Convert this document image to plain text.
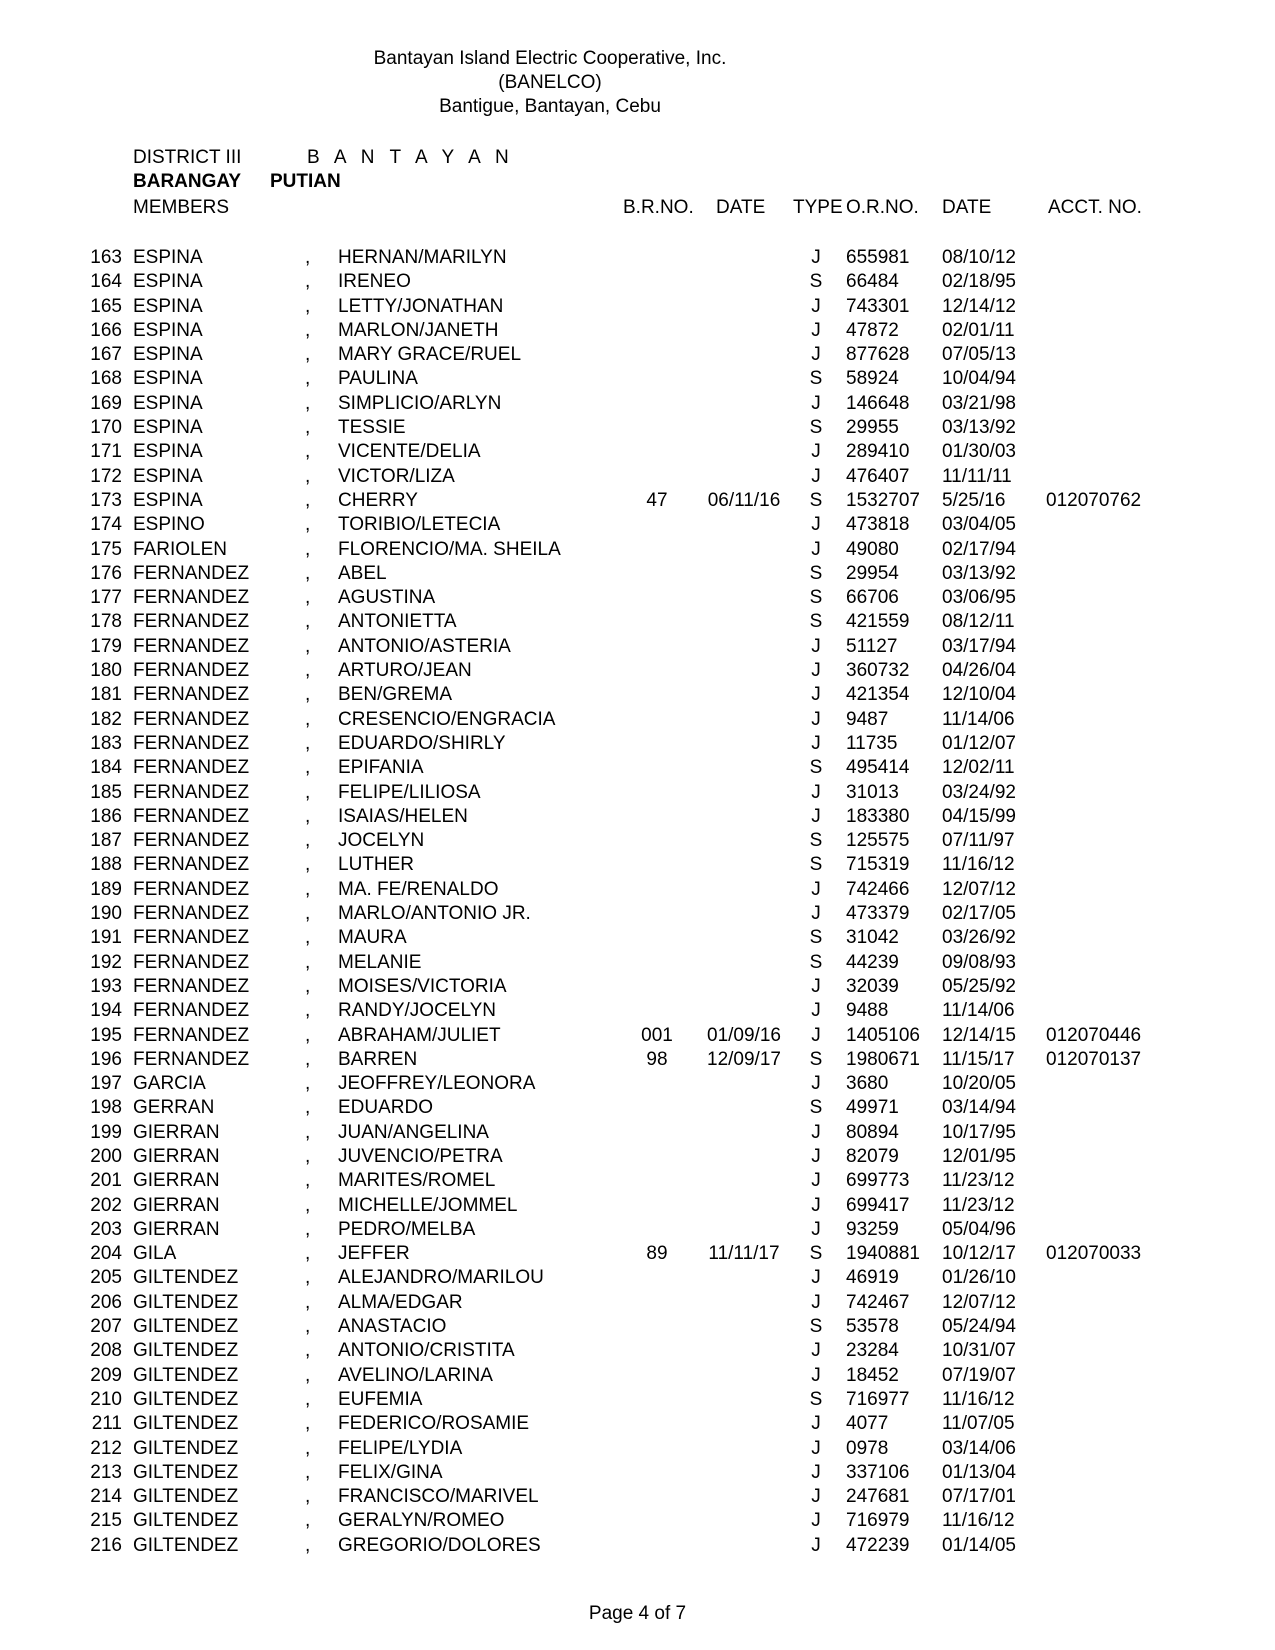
Bantayan Island Electric Cooperative, Inc.
(BANELCO)
Bantigue, Bantayan, Cebu
DISTRICT III	B A N T A Y A N
BARANGAY PUTIAN
MEMBERS	B.R.NO. DATE TYPE O.R.NO. DATE	ACCT. NO.
163 ESPINA	, HERNAN/MARILYN	J	655981 08/10/12
164 ESPINA	, IRENEO	S	66484 02/18/95
165 ESPINA	, LETTY/JONATHAN	J	743301 12/14/12
166 ESPINA	, MARLON/JANETH	J	47872 02/01/11
167 ESPINA	, MARY GRACE/RUEL	J	877628 07/05/13
168 ESPINA	, PAULINA	S	58924 10/04/94
169 ESPINA	, SIMPLICIO/ARLYN	J	146648 03/21/98
170 ESPINA	, TESSIE	S	29955 03/13/92
171 ESPINA	, VICENTE/DELIA	J	289410 01/30/03
172 ESPINA	, VICTOR/LIZA	J	476407 11/11/11
173 ESPINA	, CHERRY	47	06/11/16	S	1532707 5/25/16 012070762
174 ESPINO	, TORIBIO/LETECIA	J	473818 03/04/05
175 FARIOLEN	, FLORENCIO/MA. SHEILA	J	49080 02/17/94
176 FERNANDEZ	, ABEL	S	29954 03/13/92
177 FERNANDEZ	, AGUSTINA	S	66706 03/06/95
178 FERNANDEZ	, ANTONIETTA	S	421559 08/12/11
179 FERNANDEZ	, ANTONIO/ASTERIA	J	51127 03/17/94
180 FERNANDEZ	, ARTURO/JEAN	J	360732 04/26/04
181 FERNANDEZ	, BEN/GREMA	J	421354 12/10/04
182 FERNANDEZ	, CRESENCIO/ENGRACIA	J	9487	11/14/06
183 FERNANDEZ	, EDUARDO/SHIRLY	J	11735 01/12/07
184 FERNANDEZ	, EPIFANIA	S	495414 12/02/11
185 FERNANDEZ	, FELIPE/LILIOSA	J	31013 03/24/92
186 FERNANDEZ	, ISAIAS/HELEN	J	183380 04/15/99
187 FERNANDEZ	, JOCELYN	S	125575 07/11/97
188 FERNANDEZ	, LUTHER	S	715319 11/16/12
189 FERNANDEZ	, MA. FE/RENALDO	J	742466 12/07/12
190 FERNANDEZ	, MARLO/ANTONIO JR.	J	473379 02/17/05
191 FERNANDEZ	, MAURA	S	31042 03/26/92
192 FERNANDEZ	, MELANIE	S	44239 09/08/93
193 FERNANDEZ	, MOISES/VICTORIA	J	32039 05/25/92
194 FERNANDEZ	, RANDY/JOCELYN	J	9488	11/14/06
195 FERNANDEZ	, ABRAHAM/JULIET	001	01/09/16	J	1405106 12/14/15 012070446
196 FERNANDEZ	, BARREN	98	12/09/17	S	1980671 11/15/17 012070137
197 GARCIA	, JEOFFREY/LEONORA	J	3680	10/20/05
198 GERRAN	, EDUARDO	S	49971 03/14/94
199 GIERRAN	, JUAN/ANGELINA	J	80894 10/17/95
200 GIERRAN	, JUVENCIO/PETRA	J	82079 12/01/95
201 GIERRAN	, MARITES/ROMEL	J	699773 11/23/12
202 GIERRAN	, MICHELLE/JOMMEL	J	699417 11/23/12
203 GIERRAN	, PEDRO/MELBA	J	93259 05/04/96
204 GILA	, JEFFER	89	11/11/17	S	1940881 10/12/17 012070033
205 GILTENDEZ	, ALEJANDRO/MARILOU	J	46919 01/26/10
206 GILTENDEZ	, ALMA/EDGAR	J	742467 12/07/12
207 GILTENDEZ	, ANASTACIO	S	53578 05/24/94
208 GILTENDEZ	, ANTONIO/CRISTITA	J	23284 10/31/07
209 GILTENDEZ	, AVELINO/LARINA	J	18452 07/19/07
210 GILTENDEZ	, EUFEMIA	S	716977 11/16/12
211 GILTENDEZ	, FEDERICO/ROSAMIE	J	4077	11/07/05
212 GILTENDEZ	, FELIPE/LYDIA	J	0978	03/14/06
213 GILTENDEZ	, FELIX/GINA	J	337106 01/13/04
214 GILTENDEZ	, FRANCISCO/MARIVEL	J	247681 07/17/01
215 GILTENDEZ	, GERALYN/ROMEO	J	716979 11/16/12
216 GILTENDEZ	, GREGORIO/DOLORES	J	472239 01/14/05
Page 4 of 7
